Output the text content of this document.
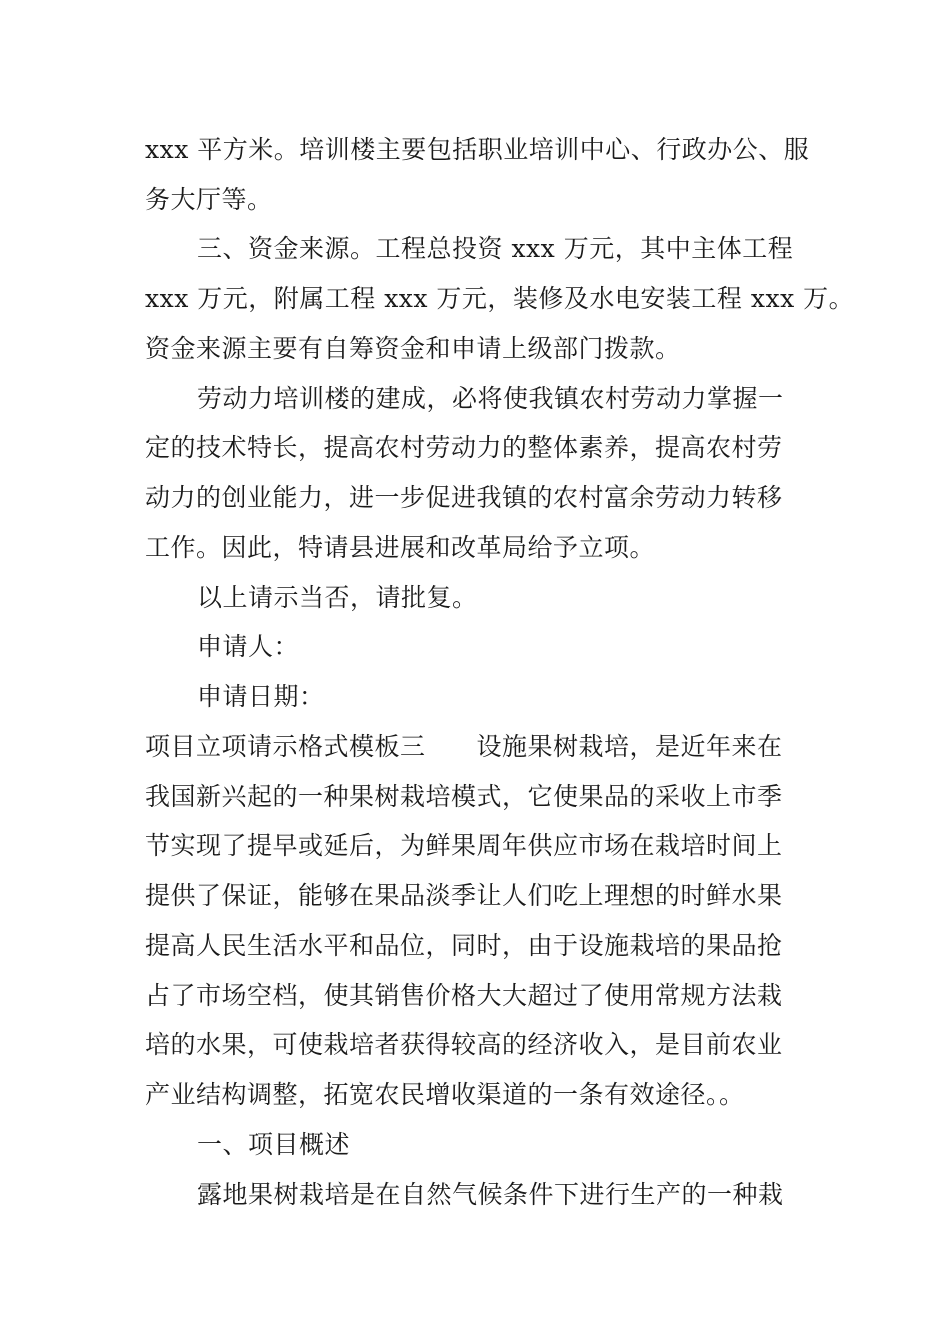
xxx 平方米。培训楼主要包括职业培训中心、行政办公、服
务大厅等。
三、资金来源。工程总投资 xxx 万元，其中主体工程
xxx 万元，附属工程 xxx 万元，装修及水电安装工程 xxx 万。
资金来源主要有自筹资金和申请上级部门拨款。
劳动力培训楼的建成，必将使我镇农村劳动力掌握一
定的技术特长，提高农村劳动力的整体素养，提高农村劳
动力的创业能力，进一步促进我镇的农村富余劳动力转移
工作。因此，特请县进展和改革局给予立项。
以上请示当否，请批复。
申请人：
申请日期：
项目立项请示格式模板三　　设施果树栽培，是近年来在
我国新兴起的一种果树栽培模式，它使果品的采收上市季
节实现了提早或延后，为鲜果周年供应市场在栽培时间上
提供了保证，能够在果品淡季让人们吃上理想的时鲜水果
提高人民生活水平和品位，同时，由于设施栽培的果品抢
占了市场空档，使其销售价格大大超过了使用常规方法栽
培的水果，可使栽培者获得较高的经济收入，是目前农业
产业结构调整，拓宽农民增收渠道的一条有效途径。。
一、项目概述
露地果树栽培是在自然气候条件下进行生产的一种栽
